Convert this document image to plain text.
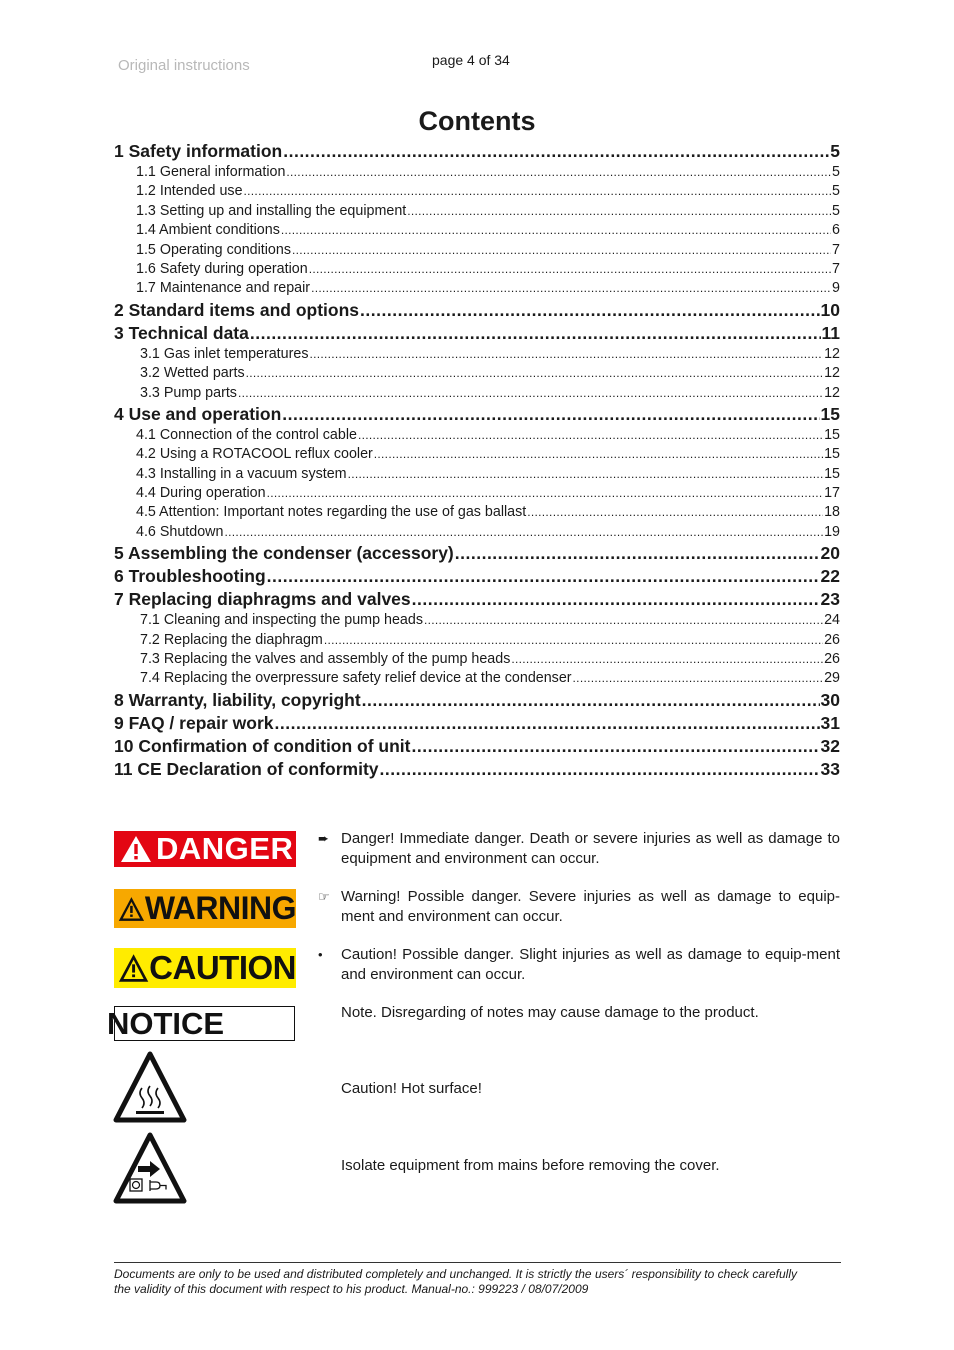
Original instructions	page 4 of 34
Contents
1 Safety information .....	5
1.1 General information .....	5
1.2 Intended use .....	5
1.3 Setting up and installing the equipment .....	5
1.4 Ambient conditions .....	6
1.5 Operating conditions .....	7
1.6 Safety during operation .....	7
1.7 Maintenance and repair .....	9
2 Standard items and options .....	10
3 Technical data .....	11
3.1 Gas inlet temperatures .....	12
3.2 Wetted parts .....	12
3.3 Pump parts .....	12
4 Use and operation .....	15
4.1 Connection of the control cable .....	15
4.2 Using a ROTACOOL reflux cooler .....	15
4.3 Installing in a vacuum system .....	15
4.4 During operation .....	17
4.5 Attention: Important notes regarding the use of gas ballast .....	18
4.6 Shutdown .....	19
5 Assembling the condenser (accessory) .....	20
6 Troubleshooting .....	22
7 Replacing diaphragms and valves .....	23
7.1 Cleaning and inspecting the pump heads .....	24
7.2 Replacing the diaphragm .....	26
7.3 Replacing the valves and assembly of the pump heads .....	26
7.4 Replacing the overpressure safety relief device at the condenser .....	29
8 Warranty, liability, copyright .....	30
9 FAQ / repair work .....	31
10 Confirmation of condition of unit .....	32
11 CE Declaration of conformity .....	33
DANGER
WARNING
CAUTION
NOTICE
➨ Danger! Immediate danger. Death or severe injuries as well as damage to equipment and environment can occur.
☞ Warning! Possible danger. Severe injuries as well as damage to equip-ment and environment can occur.
•	Caution! Possible danger. Slight injuries as well as damage to equip-ment and environment can occur.
Note. Disregarding of notes may cause damage to the product.
Caution! Hot surface!
Isolate equipment from mains before removing the cover.
Documents are only to be used and distributed completely and unchanged. It is strictly the users´ responsibility to check carefully
the validity of this document with respect to his product. Manual-no.: 999223 / 08/07/2009
